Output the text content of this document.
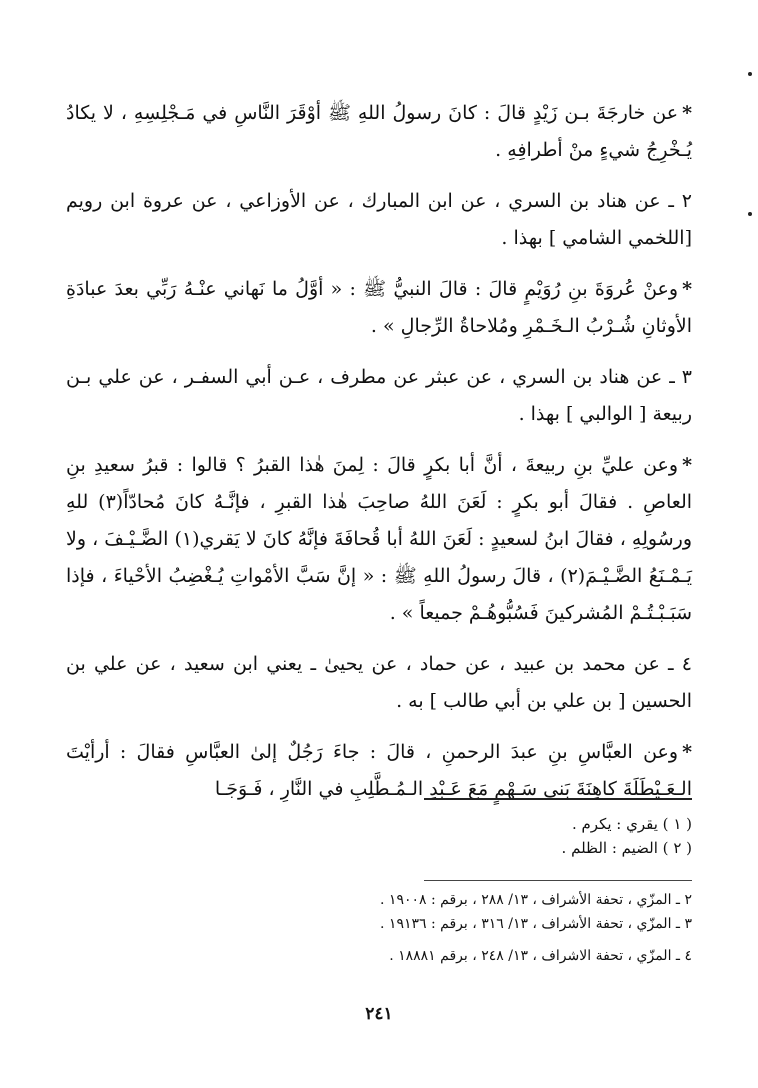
*عن خارجَةَ بـن زَيْدٍ قالَ : كانَ رسولُ اللهِ ﷺ أوْقَرَ النَّاسِ في مَـجْلِسِهِ ، لا يكادُ يُـخْرِجُ شيءٍ منْ أطرافِهِ .

٢ ـ عن هناد بن السري ، عن ابن المبارك ، عن الأوزاعي ، عن عروة ابن رويم [اللخمي الشامي ] بهذا .

*وعنْ عُروَةَ بنِ رُوَيْمٍ قالَ : قالَ النبيُّ ﷺ : « أوَّلُ ما نَهاني عنْـهُ رَبِّي بعدَ عبادَةِ الأوثانِ شُـرْبُ الـخَـمْرِ ومُلاحاةُ الرِّجالِ » .

٣ ـ عن هناد بن السري ، عن عبثر عن مطرف ، عـن أبي السفـر ، عن علي بـن ربيعة [ الوالبي ] بهذا .

*وعن عليِّ بنِ ربيعةَ ، أنَّ أبا بكرٍ قالَ : لِمنَ هٰذا القبرُ ؟ قالوا : قبرُ سعيدِ بنِ العاصِ . فقالَ أبو بكرٍ : لَعَنَ اللهُ صاحِبَ هٰذا القبرِ ، فإنَّـهُ كانَ مُحادّاً(٣) للهِ ورسُولِهِ ، فقالَ ابنُ لسعيدٍ : لَعَنَ اللهُ أبا قُحافَةَ فإنَّهُ كانَ لا يَقري(١) الضَّـيْـفَ ، ولا يَـمْـنَعُ الضَّـيْـمَ(٢) ، قالَ رسولُ اللهِ ﷺ : « إنَّ سَبَّ الأمْواتِ يُـغْضِبُ الأحْياءَ ، فإذا سَبَـبْـتُـمْ المُشركينَ فَسُبُّوهُـمْ جميعاً » .

٤ ـ عن محمد بن عبيد ، عن حماد ، عن يحيىٰ ـ يعني ابن سعيد ، عن علي بن الحسين [ بن علي بن أبي طالب ] به .

*وعن العبَّاسِ بنِ عبدَ الرحمنِ ، قالَ : جاءَ رَجُلٌ إلىٰ العبَّاسِ فقالَ : أرأيْتَ الـعَـيْطَلَةَ كاهِنَةَ بَني سَـهْمٍ مَعَ عَـبْدِ الـمُـطَّلِبِ في النَّارِ ، فَـوَجَـا

( ١ ) يقري : يكرم .
( ٢ ) الضيم : الظلم .
٢ ـ المزّي ، تحفة الأشراف ، ١٣/ ٢٨٨ ، برقم : ١٩٠٠٨ .
٣ ـ المزّي ، تحفة الأشراف ، ١٣/ ٣١٦ ، برقم : ١٩١٣٦ .
٤ ـ المزّي ، تحفة الاشراف ، ١٣/ ٢٤٨ ، برقم ١٨٨٨١ .
٢٤١
